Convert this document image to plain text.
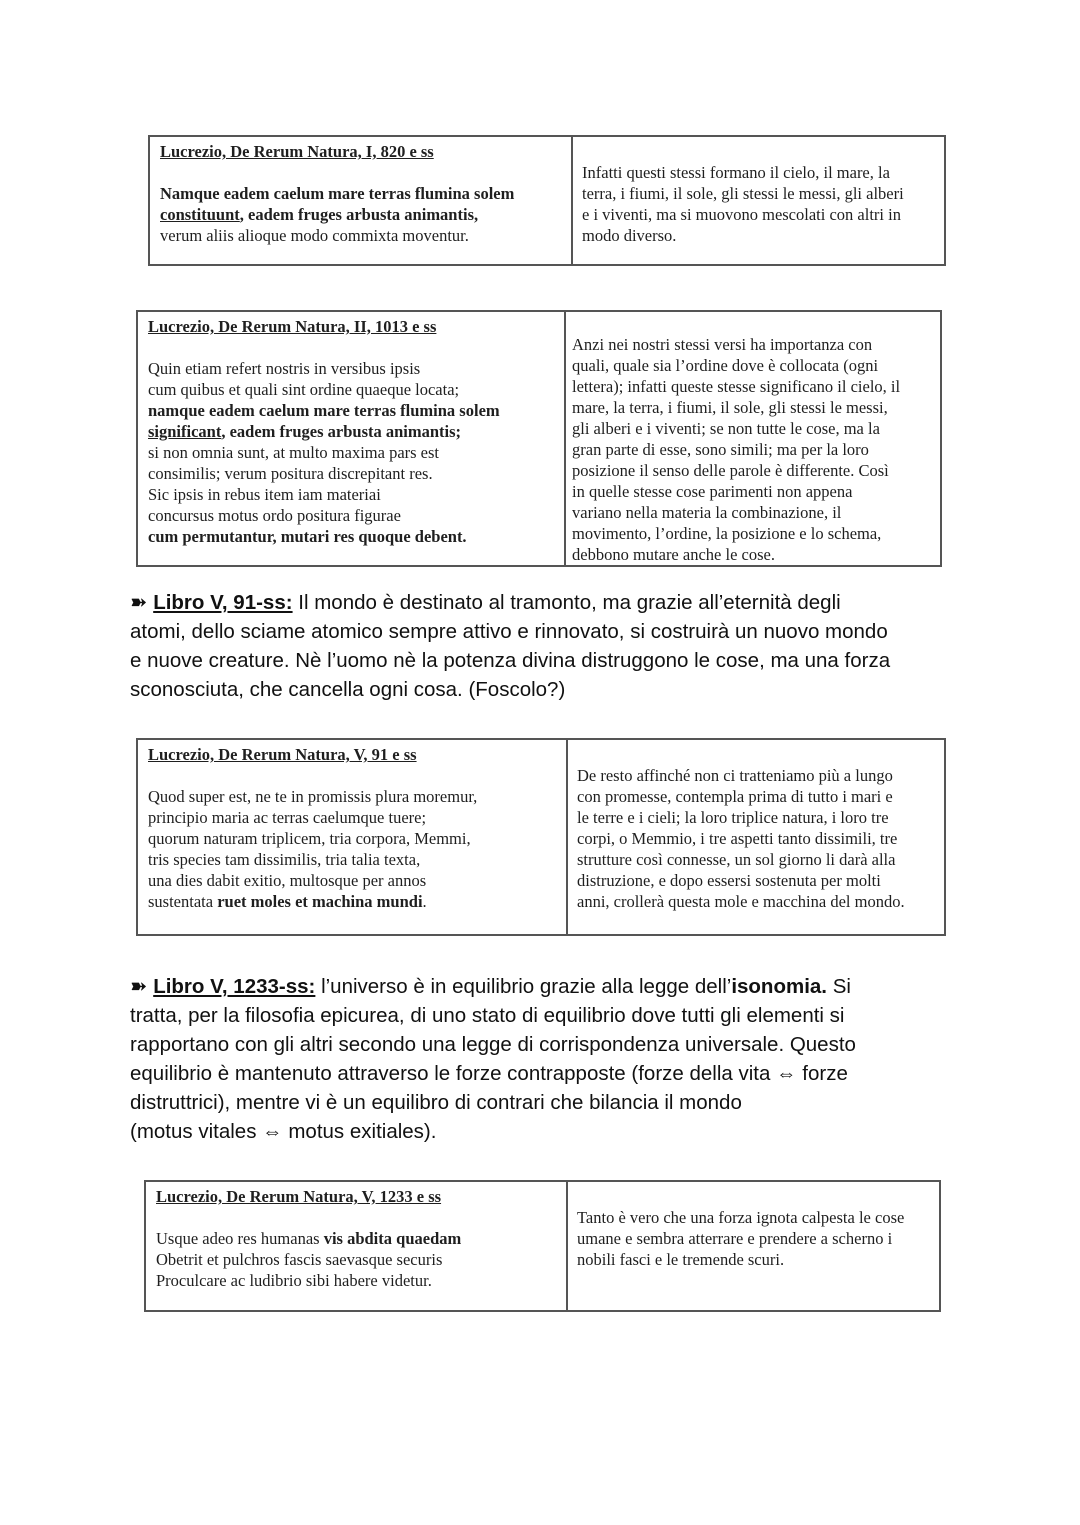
Lucrezio, De Rerum Natura, I, 820 e ss
Namque eadem caelum mare terras flumina solem
constituunt, eadem fruges arbusta animantis,
verum aliis alioque modo commixta moventur.
Infatti questi stessi formano il cielo, il mare, la
terra, i fiumi, il sole, gli stessi le messi, gli alberi
e i viventi, ma si muovono mescolati con altri in
modo diverso.
Lucrezio, De Rerum Natura, II, 1013 e ss
Quin etiam refert nostris in versibus ipsis
cum quibus et quali sint ordine quaeque locata;
namque eadem caelum mare terras flumina solem
significant, eadem fruges arbusta animantis;
si non omnia sunt, at multo maxima pars est
consimilis; verum positura discrepitant res.
Sic ipsis in rebus item iam materiai
concursus motus ordo positura figurae
cum permutantur, mutari res quoque debent.
Anzi nei nostri stessi versi ha importanza con
quali, quale sia l’ordine dove è collocata (ogni
lettera); infatti queste stesse significano il cielo, il
mare, la terra, i fiumi, il sole, gli stessi le messi,
gli alberi e i viventi; se non tutte le cose, ma la
gran parte di esse, sono simili; ma per la loro
posizione il senso delle parole è differente. Così
in quelle stesse cose parimenti non appena
variano nella materia la combinazione, il
movimento, l’ordine, la posizione e lo schema,
debbono mutare anche le cose.
➽ Libro V, 91-ss: Il mondo è destinato al tramonto, ma grazie all’eternità degli
atomi, dello sciame atomico sempre attivo e rinnovato, si costruirà un nuovo mondo
e nuove creature. Nè l’uomo nè la potenza divina distruggono le cose, ma una forza
sconosciuta, che cancella ogni cosa. (Foscolo?)
Lucrezio, De Rerum Natura, V, 91 e ss
Quod super est, ne te in promissis plura moremur,
principio maria ac terras caelumque tuere;
quorum naturam triplicem, tria corpora, Memmi,
tris species tam dissimilis, tria talia texta,
una dies dabit exitio, multosque per annos
sustentata ruet moles et machina mundi.
De resto affinché non ci tratteniamo più a lungo
con promesse, contempla prima di tutto i mari e
le terre e i cieli; la loro triplice natura, i loro tre
corpi, o Memmio, i tre aspetti tanto dissimili, tre
strutture così connesse, un sol giorno li darà alla
distruzione, e dopo essersi sostenuta per molti
anni, crollerà questa mole e macchina del mondo.
➽ Libro V, 1233-ss: l’universo è in equilibrio grazie alla legge dell’isonomia. Si
tratta, per la filosofia epicurea, di uno stato di equilibrio dove tutti gli elementi si
rapportano con gli altri secondo una legge di corrispondenza universale. Questo
equilibrio è mantenuto attraverso le forze contrapposte (forze della vita ⇔ forze
distruttrici), mentre vi è un equilibro di contrari che bilancia il mondo
(motus vitales ⇔ motus exitiales).
Lucrezio, De Rerum Natura, V, 1233 e ss
Usque adeo res humanas vis abdita quaedam
Obetrit et pulchros fascis saevasque securis
Proculcare ac ludibrio sibi habere videtur.
Tanto è vero che una forza ignota calpesta le cose
umane e sembra atterrare e prendere a scherno i
nobili fasci e le tremende scuri.
